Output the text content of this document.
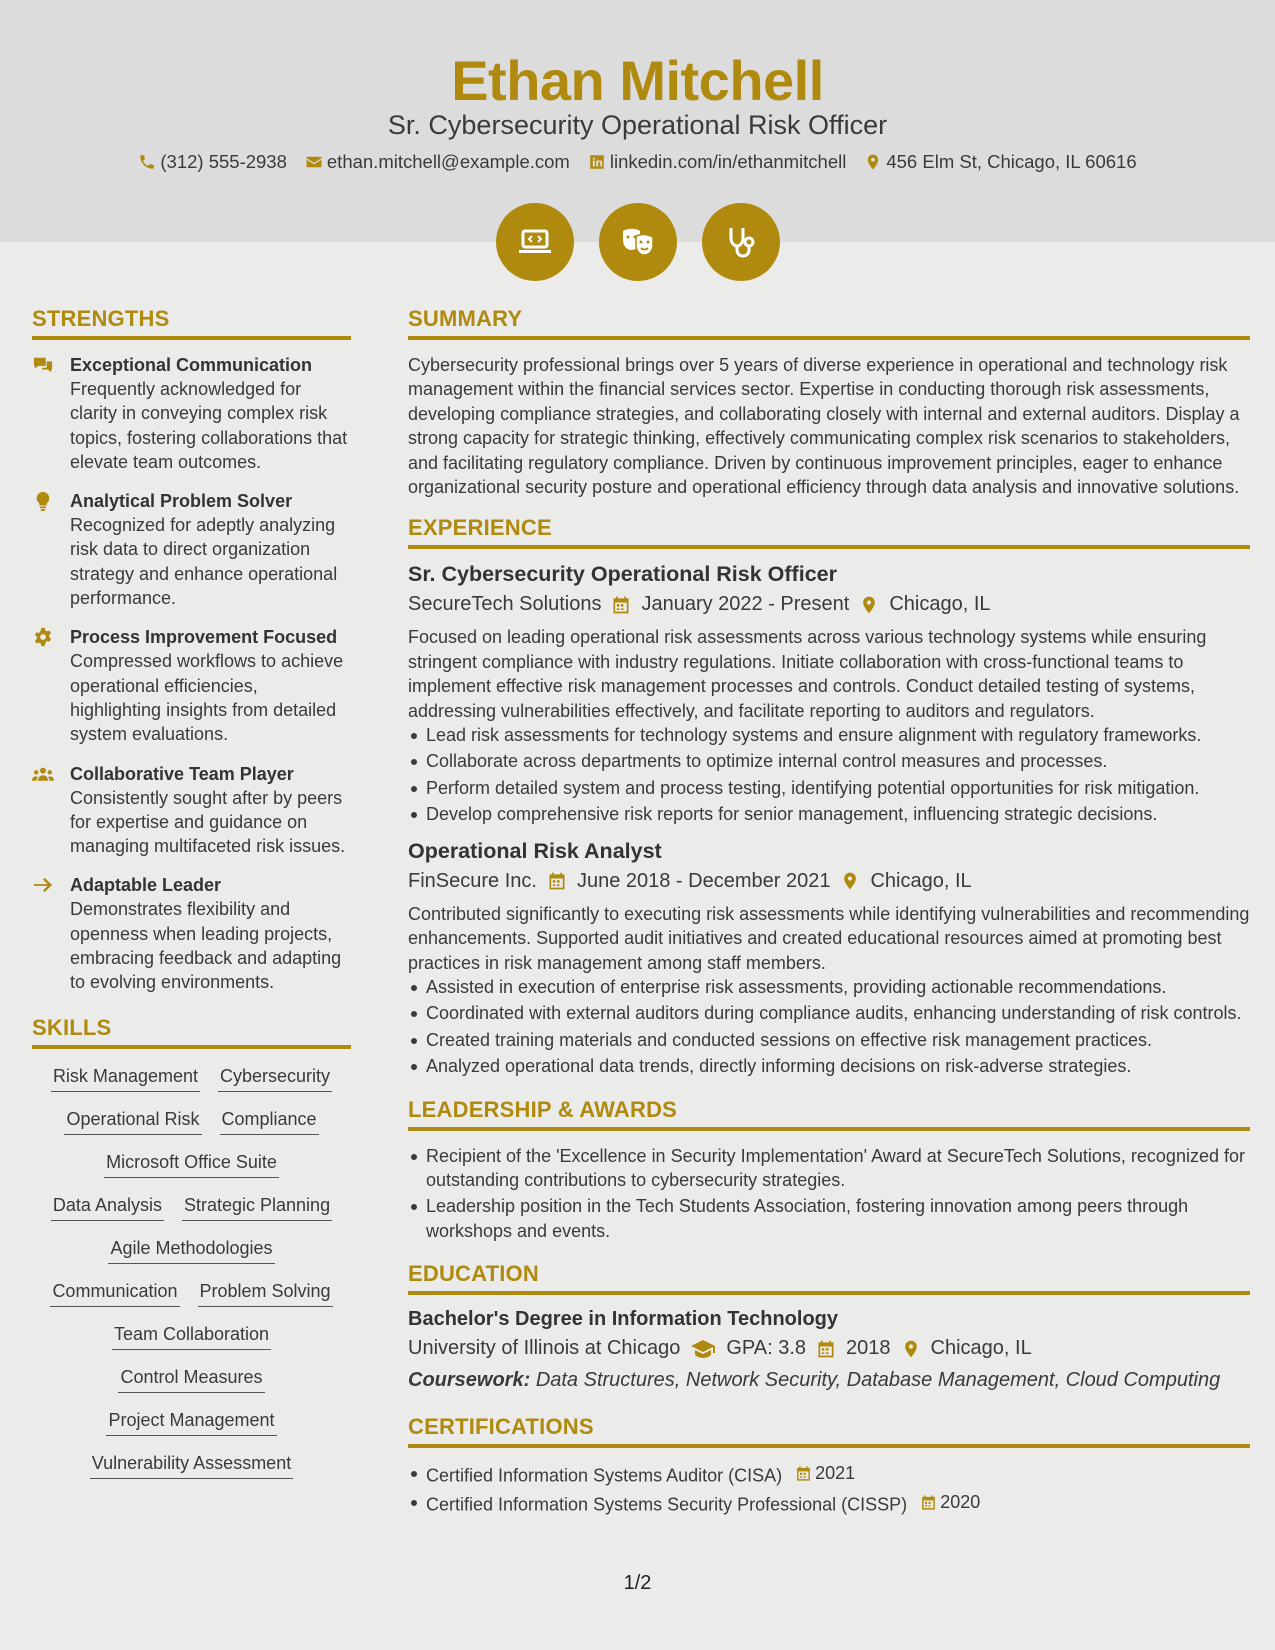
Ethan Mitchell
Sr. Cybersecurity Operational Risk Officer
(312) 555-2938 ethan.mitchell@example.com linkedin.com/in/ethanmitchell 456 Elm St, Chicago, IL 60616
STRENGTHS
Exceptional Communication
Frequently acknowledged for clarity in conveying complex risk topics, fostering collaborations that elevate team outcomes.
Analytical Problem Solver
Recognized for adeptly analyzing risk data to direct organization strategy and enhance operational performance.
Process Improvement Focused
Compressed workflows to achieve operational efficiencies, highlighting insights from detailed system evaluations.
Collaborative Team Player
Consistently sought after by peers for expertise and guidance on managing multifaceted risk issues.
Adaptable Leader
Demonstrates flexibility and openness when leading projects, embracing feedback and adapting to evolving environments.
SKILLS
Risk Management Cybersecurity
Operational Risk Compliance
Microsoft Office Suite
Data Analysis Strategic Planning
Agile Methodologies
Communication Problem Solving
Team Collaboration
Control Measures
Project Management
Vulnerability Assessment
SUMMARY
Cybersecurity professional brings over 5 years of diverse experience in operational and technology risk management within the financial services sector. Expertise in conducting thorough risk assessments, developing compliance strategies, and collaborating closely with internal and external auditors. Display a strong capacity for strategic thinking, effectively communicating complex risk scenarios to stakeholders, and facilitating regulatory compliance. Driven by continuous improvement principles, eager to enhance organizational security posture and operational efficiency through data analysis and innovative solutions.
EXPERIENCE
Sr. Cybersecurity Operational Risk Officer
SecureTech Solutions January 2022 - Present Chicago, IL
Focused on leading operational risk assessments across various technology systems while ensuring stringent compliance with industry regulations. Initiate collaboration with cross-functional teams to implement effective risk management processes and controls. Conduct detailed testing of systems, addressing vulnerabilities effectively, and facilitate reporting to auditors and regulators.
Lead risk assessments for technology systems and ensure alignment with regulatory frameworks.
Collaborate across departments to optimize internal control measures and processes.
Perform detailed system and process testing, identifying potential opportunities for risk mitigation.
Develop comprehensive risk reports for senior management, influencing strategic decisions.
Operational Risk Analyst
FinSecure Inc. June 2018 - December 2021 Chicago, IL
Contributed significantly to executing risk assessments while identifying vulnerabilities and recommending enhancements. Supported audit initiatives and created educational resources aimed at promoting best practices in risk management among staff members.
Assisted in execution of enterprise risk assessments, providing actionable recommendations.
Coordinated with external auditors during compliance audits, enhancing understanding of risk controls.
Created training materials and conducted sessions on effective risk management practices.
Analyzed operational data trends, directly informing decisions on risk-adverse strategies.
LEADERSHIP & AWARDS
Recipient of the 'Excellence in Security Implementation' Award at SecureTech Solutions, recognized for outstanding contributions to cybersecurity strategies.
Leadership position in the Tech Students Association, fostering innovation among peers through workshops and events.
EDUCATION
Bachelor's Degree in Information Technology
University of Illinois at Chicago GPA: 3.8 2018 Chicago, IL
Coursework: Data Structures, Network Security, Database Management, Cloud Computing
CERTIFICATIONS
Certified Information Systems Auditor (CISA) 2021
Certified Information Systems Security Professional (CISSP) 2020
1/2
